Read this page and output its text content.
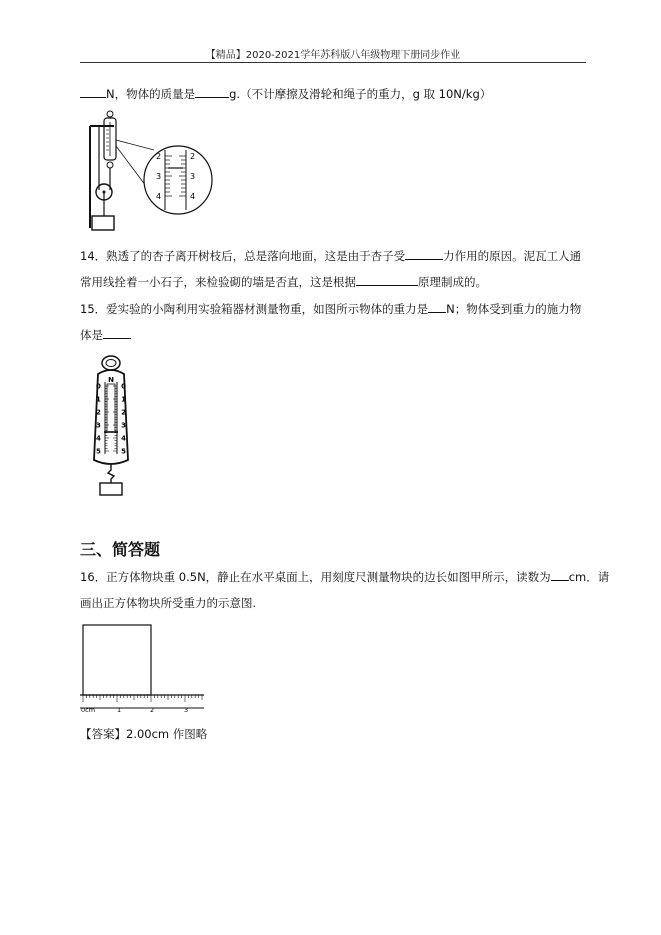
【精品】2020-2021学年苏科版八年级物理下册同步作业
N，物体的质量是	g.（不计摩擦及滑轮和绳子的重力，g 取 10N/kg）
2
3
4
2
3
4
14．熟透了的杏子离开树枝后，总是落向地面，这是由于杏子受	力作用的原因。泥瓦工人通
常用线拴着一小石子，来检验砌的墙是否直，这是根据	原理制成的。
15．爱实验的小陶利用实验箱器材测量物重，如图所示物体的重力是 N；物体受到重力的施力物
体是
N
0	0
1	1
2	2
3	3
4	4
5	5
三、简答题
16．正方体物块重 0.5N，静止在水平桌面上，用刻度尺测量物块的边长如图甲所示，读数为 cm．请
画出正方体物块所受重力的示意图.
0cm	1	2	3
【答案】2.00cm 作图略
